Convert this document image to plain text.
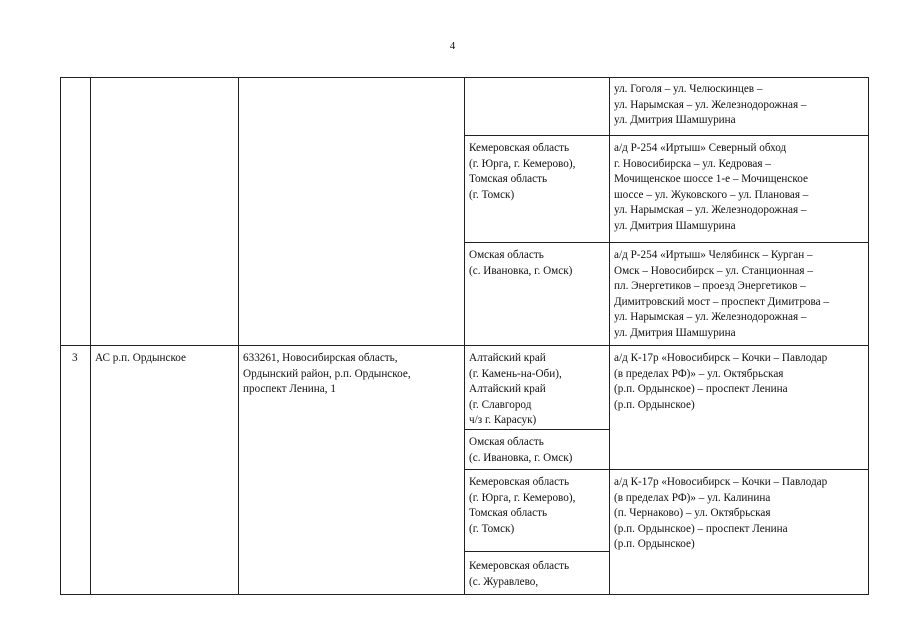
4
ул. Гоголя – ул. Челюскинцев –
ул. Нарымская – ул. Железнодорожная –
ул. Дмитрия Шамшурина
Кемеровская область
(г. Юрга, г. Кемерово),
Томская область
(г. Томск)
а/д Р-254 «Иртыш» Северный обход
г. Новосибирска – ул. Кедровая –
Мочищенское шоссе 1-е – Мочищенское
шоссе – ул. Жуковского – ул. Плановая –
ул. Нарымская – ул. Железнодорожная –
ул. Дмитрия Шамшурина
Омская область
(с. Ивановка, г. Омск)
а/д Р-254 «Иртыш» Челябинск – Курган –
Омск – Новосибирск – ул. Станционная –
пл. Энергетиков – проезд Энергетиков –
Димитровский мост – проспект Димитрова –
ул. Нарымская – ул. Железнодорожная –
ул. Дмитрия Шамшурина
3 АС р.п. Ордынское	633261, Новосибирская область,
Ордынский район, р.п. Ордынское,
проспект Ленина, 1
Алтайский край
(г. Камень-на-Оби),
Алтайский край
(г. Славгород
ч/з г. Карасук)
Омская область
(с. Ивановка, г. Омск)
Кемеровская область
(г. Юрга, г. Кемерово),
Томская область
(г. Томск)
Кемеровская область
(с. Журавлево,
а/д К-17р «Новосибирск – Кочки – Павлодар
(в пределах РФ)» – ул. Октябрьская
(р.п. Ордынское) – проспект Ленина
(р.п. Ордынское)
а/д К-17р «Новосибирск – Кочки – Павлодар
(в пределах РФ)» – ул. Калинина
(п. Чернаково) – ул. Октябрьская
(р.п. Ордынское) – проспект Ленина
(р.п. Ордынское)
